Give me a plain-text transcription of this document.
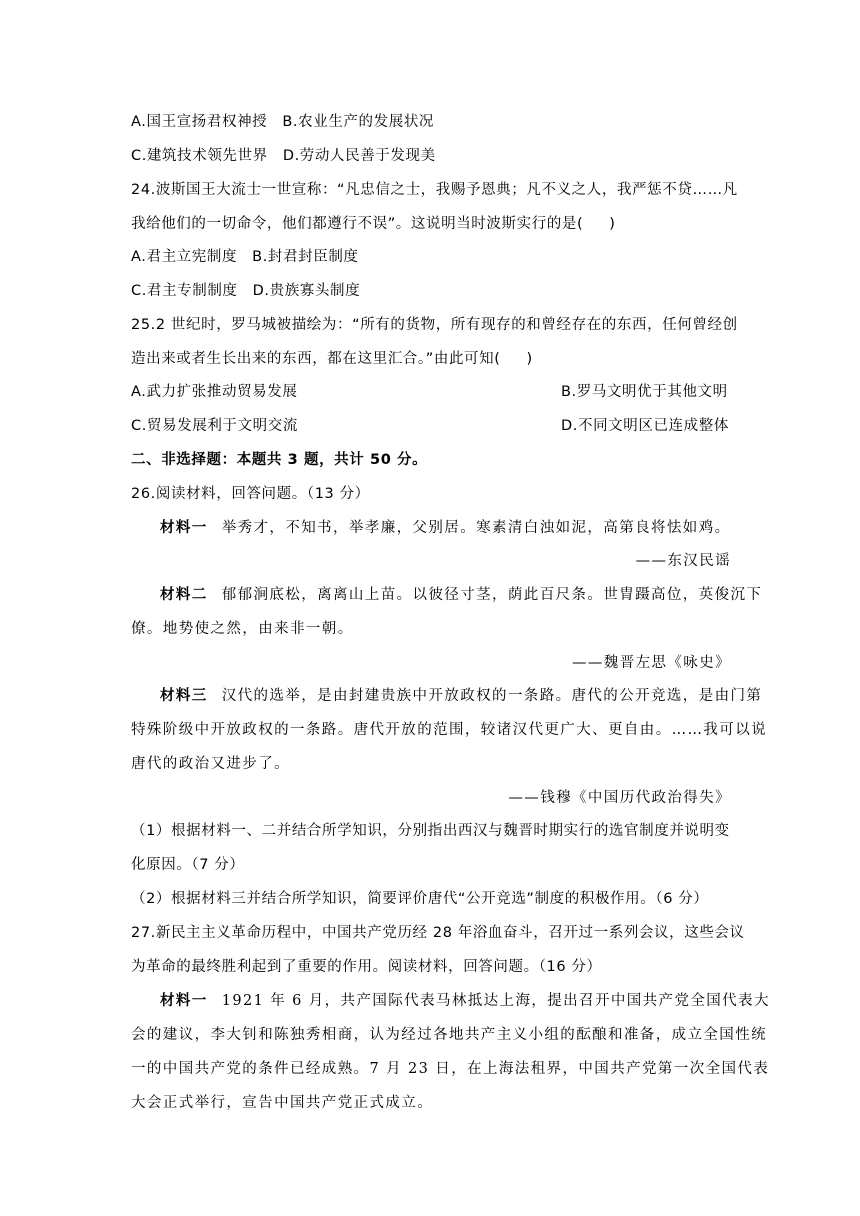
A.国王宣扬君权神授　B.农业生产的发展状况
C.建筑技术领先世界　D.劳动人民善于发现美
24.波斯国王大流士一世宣称：“凡忠信之士，我赐予恩典；凡不义之人，我严惩不贷……凡
我给他们的一切命令，他们都遵行不误”。这说明当时波斯实行的是( )
A.君主立宪制度　B.封君封臣制度
C.君主专制制度　D.贵族寡头制度
25.2 世纪时，罗马城被描绘为：“所有的货物，所有现存的和曾经存在的东西，任何曾经创
造出来或者生长出来的东西，都在这里汇合。”由此可知( )
A.武力扩张推动贸易发展	B.罗马文明优于其他文明
C.贸易发展利于文明交流	D.不同文明区已连成整体
二、非选择题：本题共 3 题，共计 50 分。
26.阅读材料，回答问题。（13 分）
材料一 举秀才，不知书，举孝廉，父别居。寒素清白浊如泥，高第良将怯如鸡。
——东汉民谣
材料二 郁郁涧底松，离离山上苗。以彼径寸茎，荫此百尺条。世胄蹑高位，英俊沉下
僚。地势使之然，由来非一朝。
——魏晋左思《咏史》
材料三 汉代的选举，是由封建贵族中开放政权的一条路。唐代的公开竞选，是由门第
特殊阶级中开放政权的一条路。唐代开放的范围，较诸汉代更广大、更自由。……我可以说
唐代的政治又进步了。
——钱穆《中国历代政治得失》
（1）根据材料一、二并结合所学知识，分别指出西汉与魏晋时期实行的选官制度并说明变
化原因。（7 分）
（2）根据材料三并结合所学知识，简要评价唐代“公开竞选”制度的积极作用。（6 分）
27.新民主主义革命历程中，中国共产党历经 28 年浴血奋斗，召开过一系列会议，这些会议
为革命的最终胜利起到了重要的作用。阅读材料，回答问题。（16 分）
材料一 1921 年 6 月，共产国际代表马林抵达上海，提出召开中国共产党全国代表大
会的建议，李大钊和陈独秀相商，认为经过各地共产主义小组的酝酿和准备，成立全国性统
一的中国共产党的条件已经成熟。7 月 23 日，在上海法租界，中国共产党第一次全国代表
大会正式举行，宣告中国共产党正式成立。
